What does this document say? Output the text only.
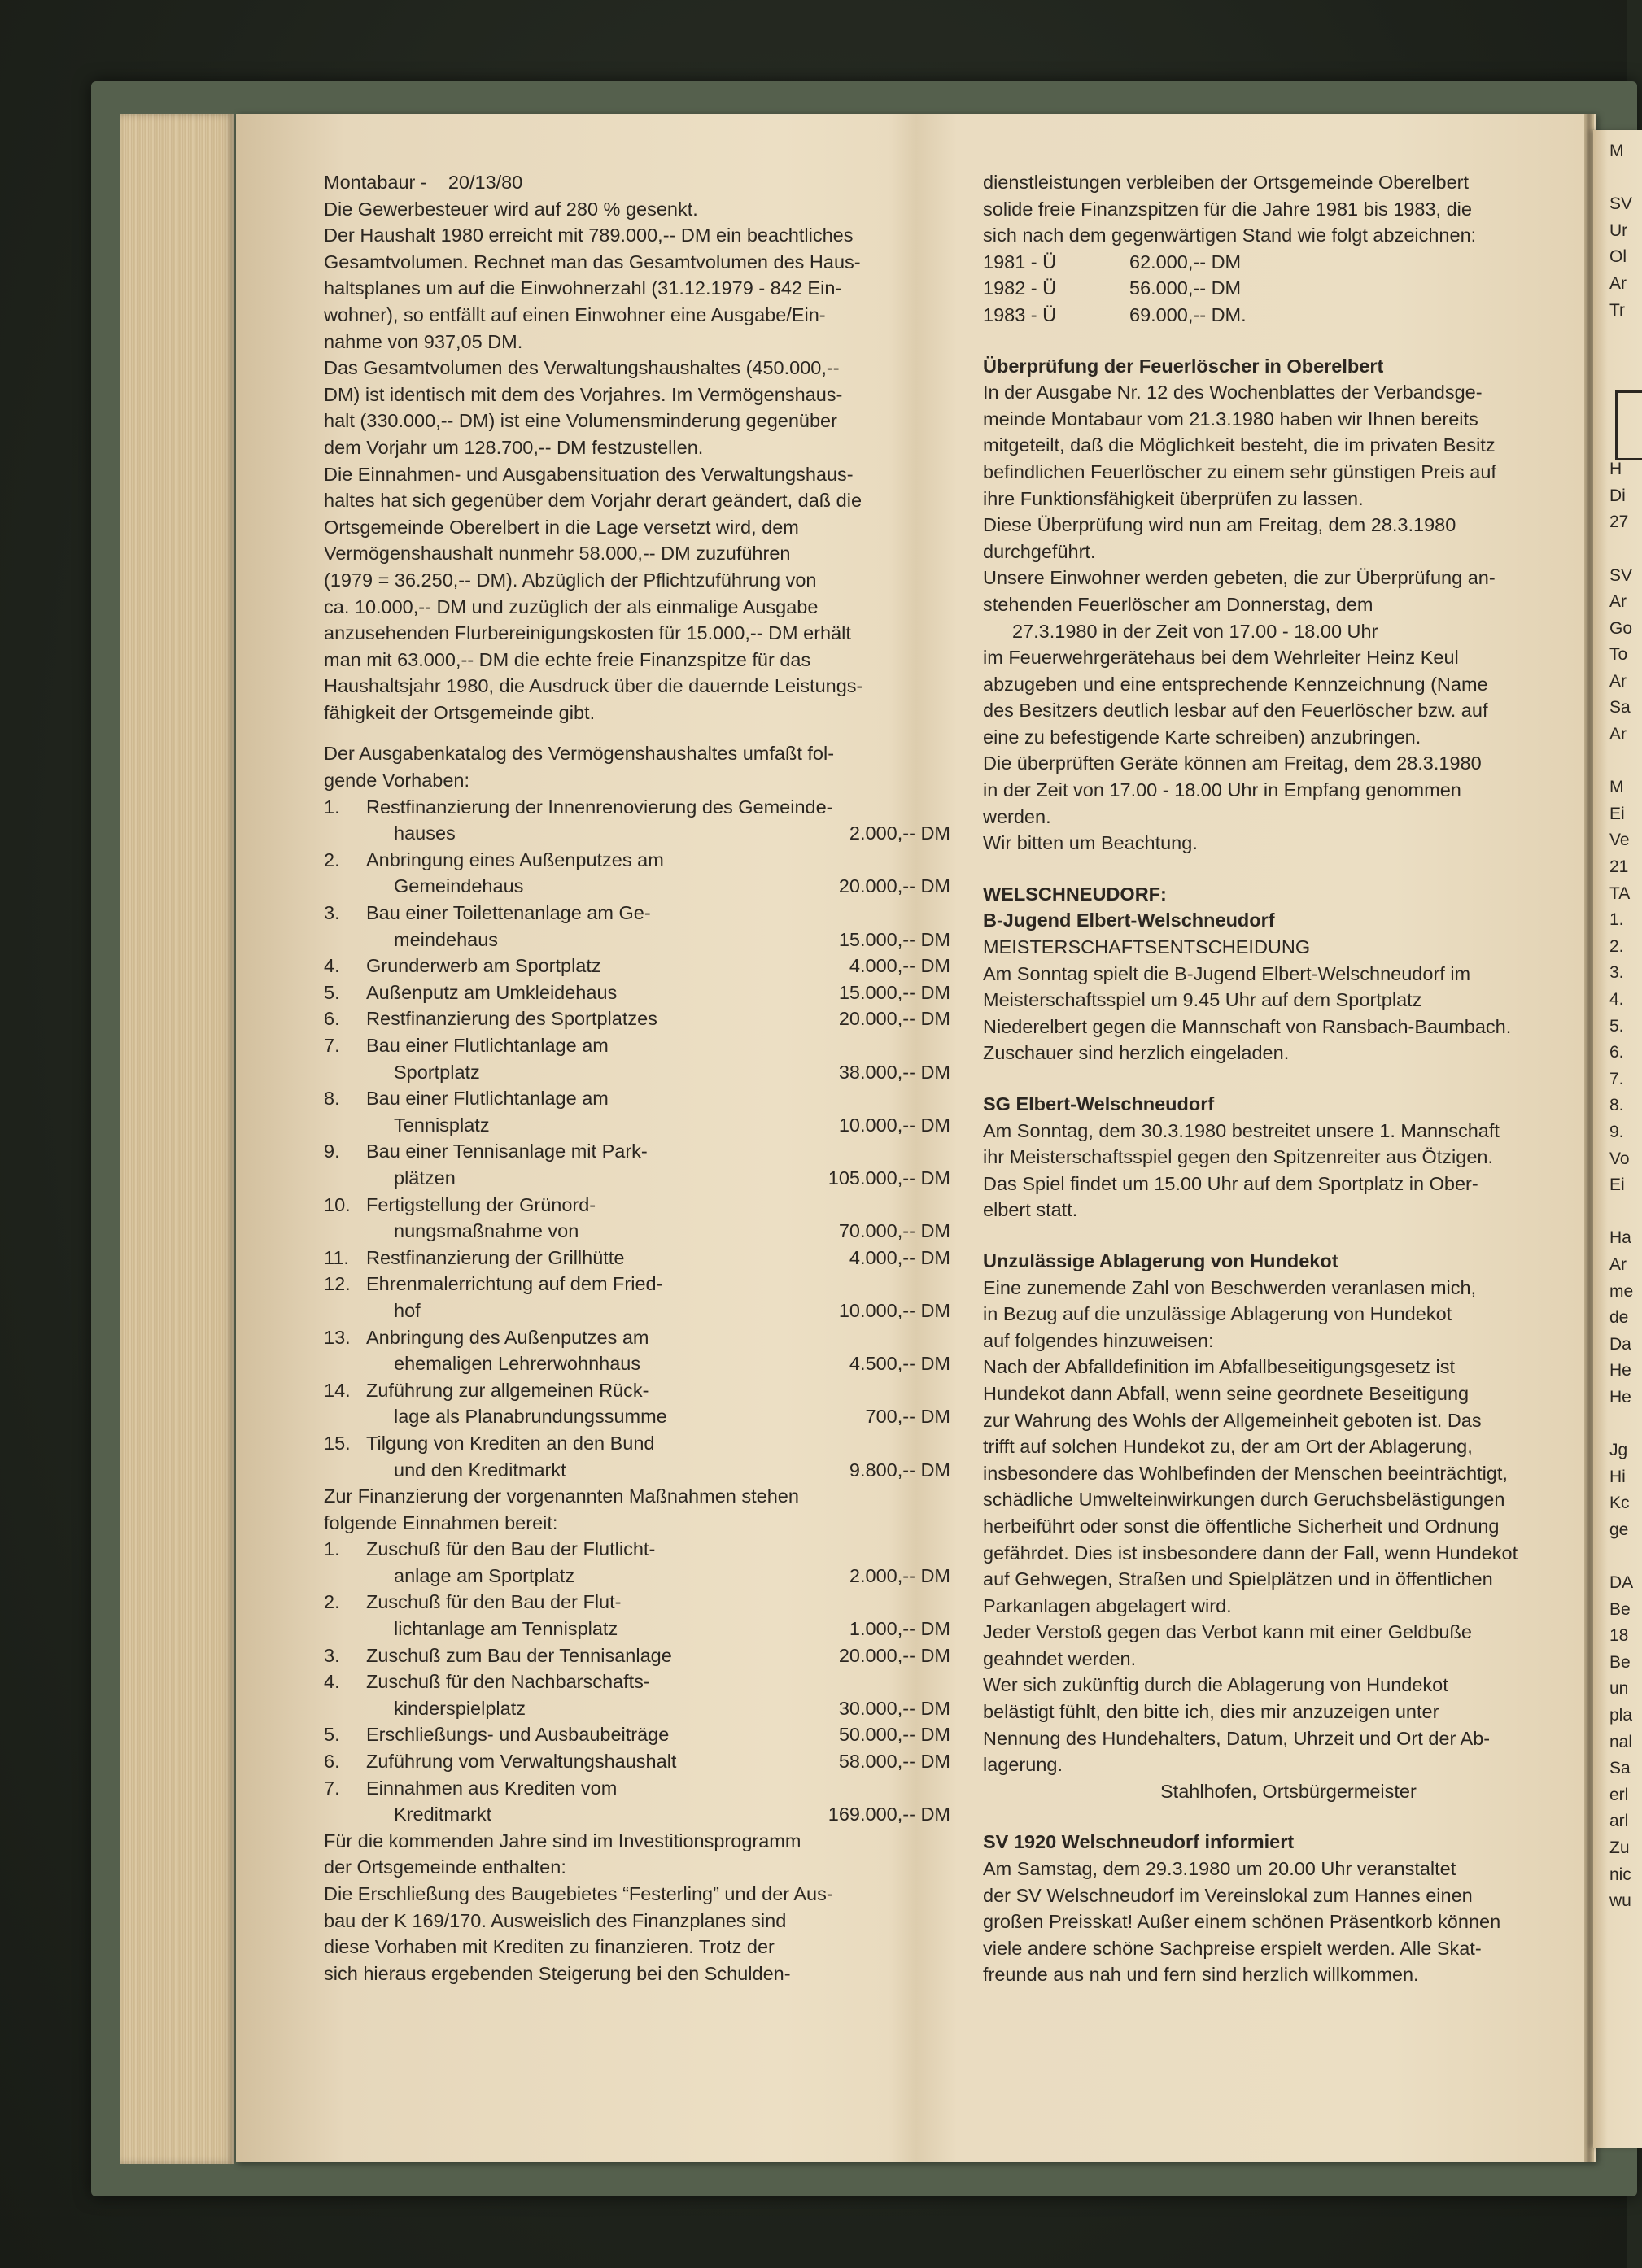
Montabaur - 20/13/80
Die Gewerbesteuer wird auf 280 % gesenkt.
Der Haushalt 1980 erreicht mit 789.000,-- DM ein beachtliches
Gesamtvolumen. Rechnet man das Gesamtvolumen des Haus-
haltsplanes um auf die Einwohnerzahl (31.12.1979 - 842 Ein-
wohner), so entfällt auf einen Einwohner eine Ausgabe/Ein-
nahme von 937,05 DM.
Das Gesamtvolumen des Verwaltungshaushaltes (450.000,--
DM) ist identisch mit dem des Vorjahres. Im Vermögenshaus-
halt (330.000,-- DM) ist eine Volumensminderung gegenüber
dem Vorjahr um 128.700,-- DM festzustellen.
Die Einnahmen- und Ausgabensituation des Verwaltungshaus-
haltes hat sich gegenüber dem Vorjahr derart geändert, daß die
Ortsgemeinde Oberelbert in die Lage versetzt wird, dem
Vermögenshaushalt nunmehr 58.000,-- DM zuzuführen
(1979 = 36.250,-- DM). Abzüglich der Pflichtzuführung von
ca. 10.000,-- DM und zuzüglich der als einmalige Ausgabe
anzusehenden Flurbereinigungskosten für 15.000,-- DM erhält
man mit 63.000,-- DM die echte freie Finanzspitze für das
Haushaltsjahr 1980, die Ausdruck über die dauernde Leistungs-
fähigkeit der Ortsgemeinde gibt.
Der Ausgabenkatalog des Vermögenshaushaltes umfaßt fol-
gende Vorhaben:
1.	Restfinanzierung der Innenrenovierung des Gemeinde-
hauses	2.000,-- DM
2.	Anbringung eines Außenputzes am
Gemeindehaus	20.000,-- DM
3.	Bau einer Toilettenanlage am Ge-
meindehaus	15.000,-- DM
4.	Grunderwerb am Sportplatz	4.000,-- DM
5.	Außenputz am Umkleidehaus	15.000,-- DM
6.	Restfinanzierung des Sportplatzes	20.000,-- DM
7.	Bau einer Flutlichtanlage am
Sportplatz	38.000,-- DM
8.	Bau einer Flutlichtanlage am
Tennisplatz	10.000,-- DM
9.	Bau einer Tennisanlage mit Park-
plätzen	105.000,-- DM
10. Fertigstellung der Grünord-
nungsmaßnahme von	70.000,-- DM
11. Restfinanzierung der Grillhütte	4.000,-- DM
12. Ehrenmalerrichtung auf dem Fried-
hof	10.000,-- DM
13. Anbringung des Außenputzes am
ehemaligen Lehrerwohnhaus	4.500,-- DM
14. Zuführung zur allgemeinen Rück-
lage als Planabrundungssumme	700,-- DM
15. Tilgung von Krediten an den Bund
und den Kreditmarkt	9.800,-- DM
Zur Finanzierung der vorgenannten Maßnahmen stehen
folgende Einnahmen bereit:
1.	Zuschuß für den Bau der Flutlicht-
anlage am Sportplatz	2.000,-- DM
2.	Zuschuß für den Bau der Flut-
lichtanlage am Tennisplatz	1.000,-- DM
3.	Zuschuß zum Bau der Tennisanlage	20.000,-- DM
4.	Zuschuß für den Nachbarschafts-
kinderspielplatz	30.000,-- DM
5.	Erschließungs- und Ausbaubeiträge	50.000,-- DM
6.	Zuführung vom Verwaltungshaushalt	58.000,-- DM
7.	Einnahmen aus Krediten vom
Kreditmarkt	169.000,-- DM
Für die kommenden Jahre sind im Investitionsprogramm
der Ortsgemeinde enthalten:
Die Erschließung des Baugebietes “Festerling” und der Aus-
bau der K 169/170. Ausweislich des Finanzplanes sind
diese Vorhaben mit Krediten zu finanzieren. Trotz der
sich hieraus ergebenden Steigerung bei den Schulden-
dienstleistungen verbleiben der Ortsgemeinde Oberelbert
solide freie Finanzspitzen für die Jahre 1981 bis 1983, die
sich nach dem gegenwärtigen Stand wie folgt abzeichnen:
1981 - Ü	62.000,-- DM
1982 - Ü	56.000,-- DM
1983 - Ü	69.000,-- DM.
Überprüfung der Feuerlöscher in Oberelbert
In der Ausgabe Nr. 12 des Wochenblattes der Verbandsge-
meinde Montabaur vom 21.3.1980 haben wir Ihnen bereits
mitgeteilt, daß die Möglichkeit besteht, die im privaten Besitz
befindlichen Feuerlöscher zu einem sehr günstigen Preis auf
ihre Funktionsfähigkeit überprüfen zu lassen.
Diese Überprüfung wird nun am Freitag, dem 28.3.1980
durchgeführt.
Unsere Einwohner werden gebeten, die zur Überprüfung an-
stehenden Feuerlöscher am Donnerstag, dem
27.3.1980 in der Zeit von 17.00 - 18.00 Uhr
im Feuerwehrgerätehaus bei dem Wehrleiter Heinz Keul
abzugeben und eine entsprechende Kennzeichnung (Name
des Besitzers deutlich lesbar auf den Feuerlöscher bzw. auf
eine zu befestigende Karte schreiben) anzubringen.
Die überprüften Geräte können am Freitag, dem 28.3.1980
in der Zeit von 17.00 - 18.00 Uhr in Empfang genommen
werden.
Wir bitten um Beachtung.
WELSCHNEUDORF:
B-Jugend Elbert-Welschneudorf
MEISTERSCHAFTSENTSCHEIDUNG
Am Sonntag spielt die B-Jugend Elbert-Welschneudorf im
Meisterschaftsspiel um 9.45 Uhr auf dem Sportplatz
Niederelbert gegen die Mannschaft von Ransbach-Baumbach.
Zuschauer sind herzlich eingeladen.
SG Elbert-Welschneudorf
Am Sonntag, dem 30.3.1980 bestreitet unsere 1. Mannschaft
ihr Meisterschaftsspiel gegen den Spitzenreiter aus Ötzigen.
Das Spiel findet um 15.00 Uhr auf dem Sportplatz in Ober-
elbert statt.
Unzulässige Ablagerung von Hundekot
Eine zunemende Zahl von Beschwerden veranlasen mich,
in Bezug auf die unzulässige Ablagerung von Hundekot
auf folgendes hinzuweisen:
Nach der Abfalldefinition im Abfallbeseitigungsgesetz ist
Hundekot dann Abfall, wenn seine geordnete Beseitigung
zur Wahrung des Wohls der Allgemeinheit geboten ist. Das
trifft auf solchen Hundekot zu, der am Ort der Ablagerung,
insbesondere das Wohlbefinden der Menschen beeinträchtigt,
schädliche Umwelteinwirkungen durch Geruchsbelästigungen
herbeiführt oder sonst die öffentliche Sicherheit und Ordnung
gefährdet. Dies ist insbesondere dann der Fall, wenn Hundekot
auf Gehwegen, Straßen und Spielplätzen und in öffentlichen
Parkanlagen abgelagert wird.
Jeder Verstoß gegen das Verbot kann mit einer Geldbuße
geahndet werden.
Wer sich zukünftig durch die Ablagerung von Hundekot
belästigt fühlt, den bitte ich, dies mir anzuzeigen unter
Nennung des Hundehalters, Datum, Uhrzeit und Ort der Ab-
lagerung.
Stahlhofen, Ortsbürgermeister
SV 1920 Welschneudorf informiert
Am Samstag, dem 29.3.1980 um 20.00 Uhr veranstaltet
der SV Welschneudorf im Vereinslokal zum Hannes einen
großen Preisskat! Außer einem schönen Präsentkorb können
viele andere schöne Sachpreise erspielt werden. Alle Skat-
freunde aus nah und fern sind herzlich willkommen.
M
SV
Ur
Ol
Ar
Tr
H
Di
27
SV
Ar
Go
To
Ar
Sa
Ar
M
Ei
Ve
21
TA
1.
2.
3.
4.
5.
6.
7.
8.
9.
Vo
Ei
Ha
Ar
me
de
Da
He
He
Jg
Hi
Kc
ge
DA
Be
18
Be
un
pla
nal
Sa
erl
arl
Zu
nic
wu
